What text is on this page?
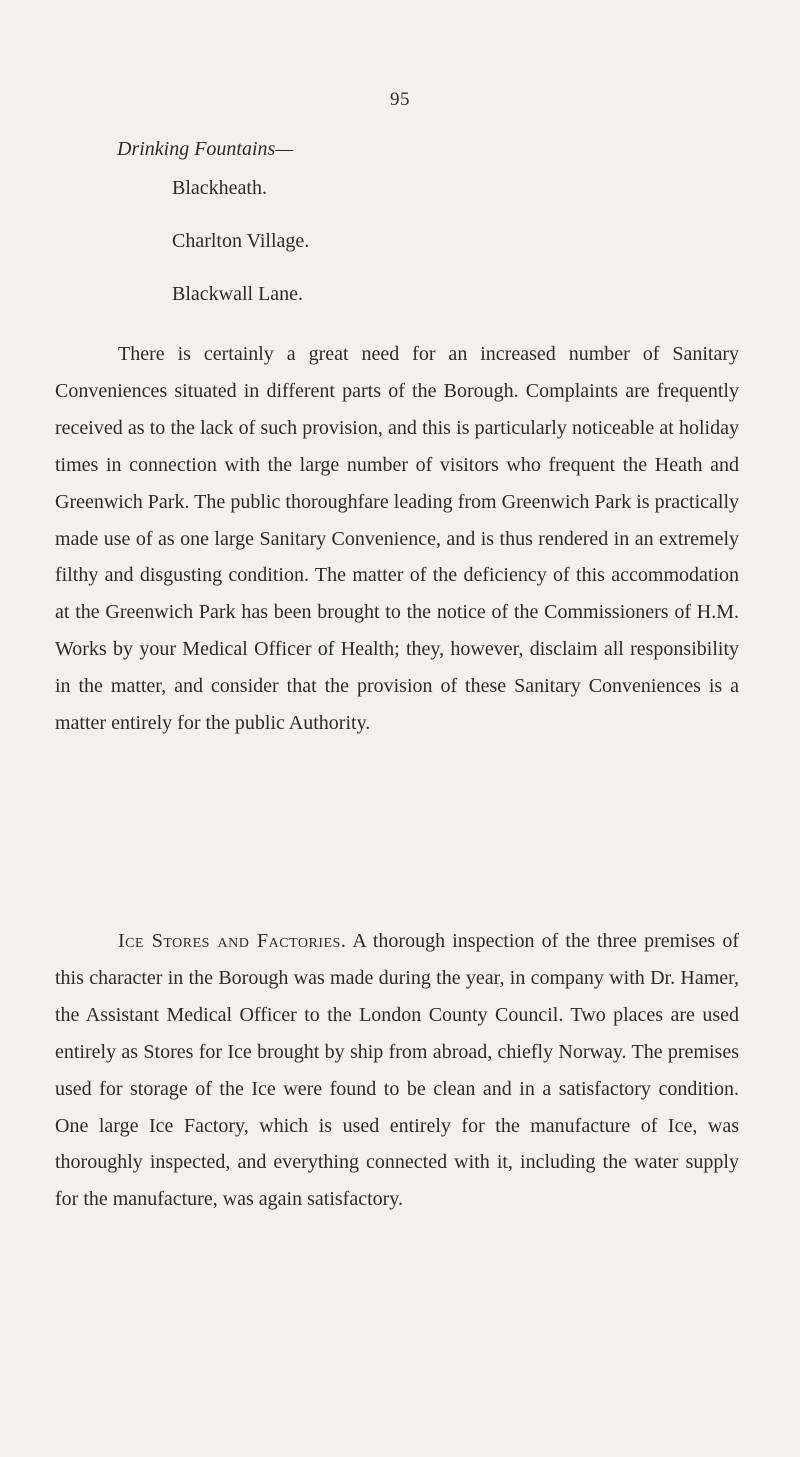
95
Drinking Fountains—
Blackheath.
Charlton Village.
Blackwall Lane.

There is certainly a great need for an increased number of Sanitary Conveniences situated in different parts of the Borough. Complaints are frequently received as to the lack of such provision, and this is particularly noticeable at holiday times in connection with the large number of visitors who frequent the Heath and Greenwich Park. The public thoroughfare leading from Greenwich Park is practically made use of as one large Sanitary Convenience, and is thus rendered in an extremely filthy and disgusting condition. The matter of the deficiency of this accommodation at the Greenwich Park has been brought to the notice of the Commissioners of H.M. Works by your Medical Officer of Health; they, however, disclaim all responsibility in the matter, and consider that the provision of these Sanitary Conveniences is a matter entirely for the public Authority.

Ice Stores and Factories. A thorough inspection of the three premises of this character in the Borough was made during the year, in company with Dr. Hamer, the Assistant Medical Officer to the London County Council. Two places are used entirely as Stores for Ice brought by ship from abroad, chiefly Norway. The premises used for storage of the Ice were found to be clean and in a satisfactory condition. One large Ice Factory, which is used entirely for the manufacture of Ice, was thoroughly inspected, and everything connected with it, including the water supply for the manufacture, was again satisfactory.
